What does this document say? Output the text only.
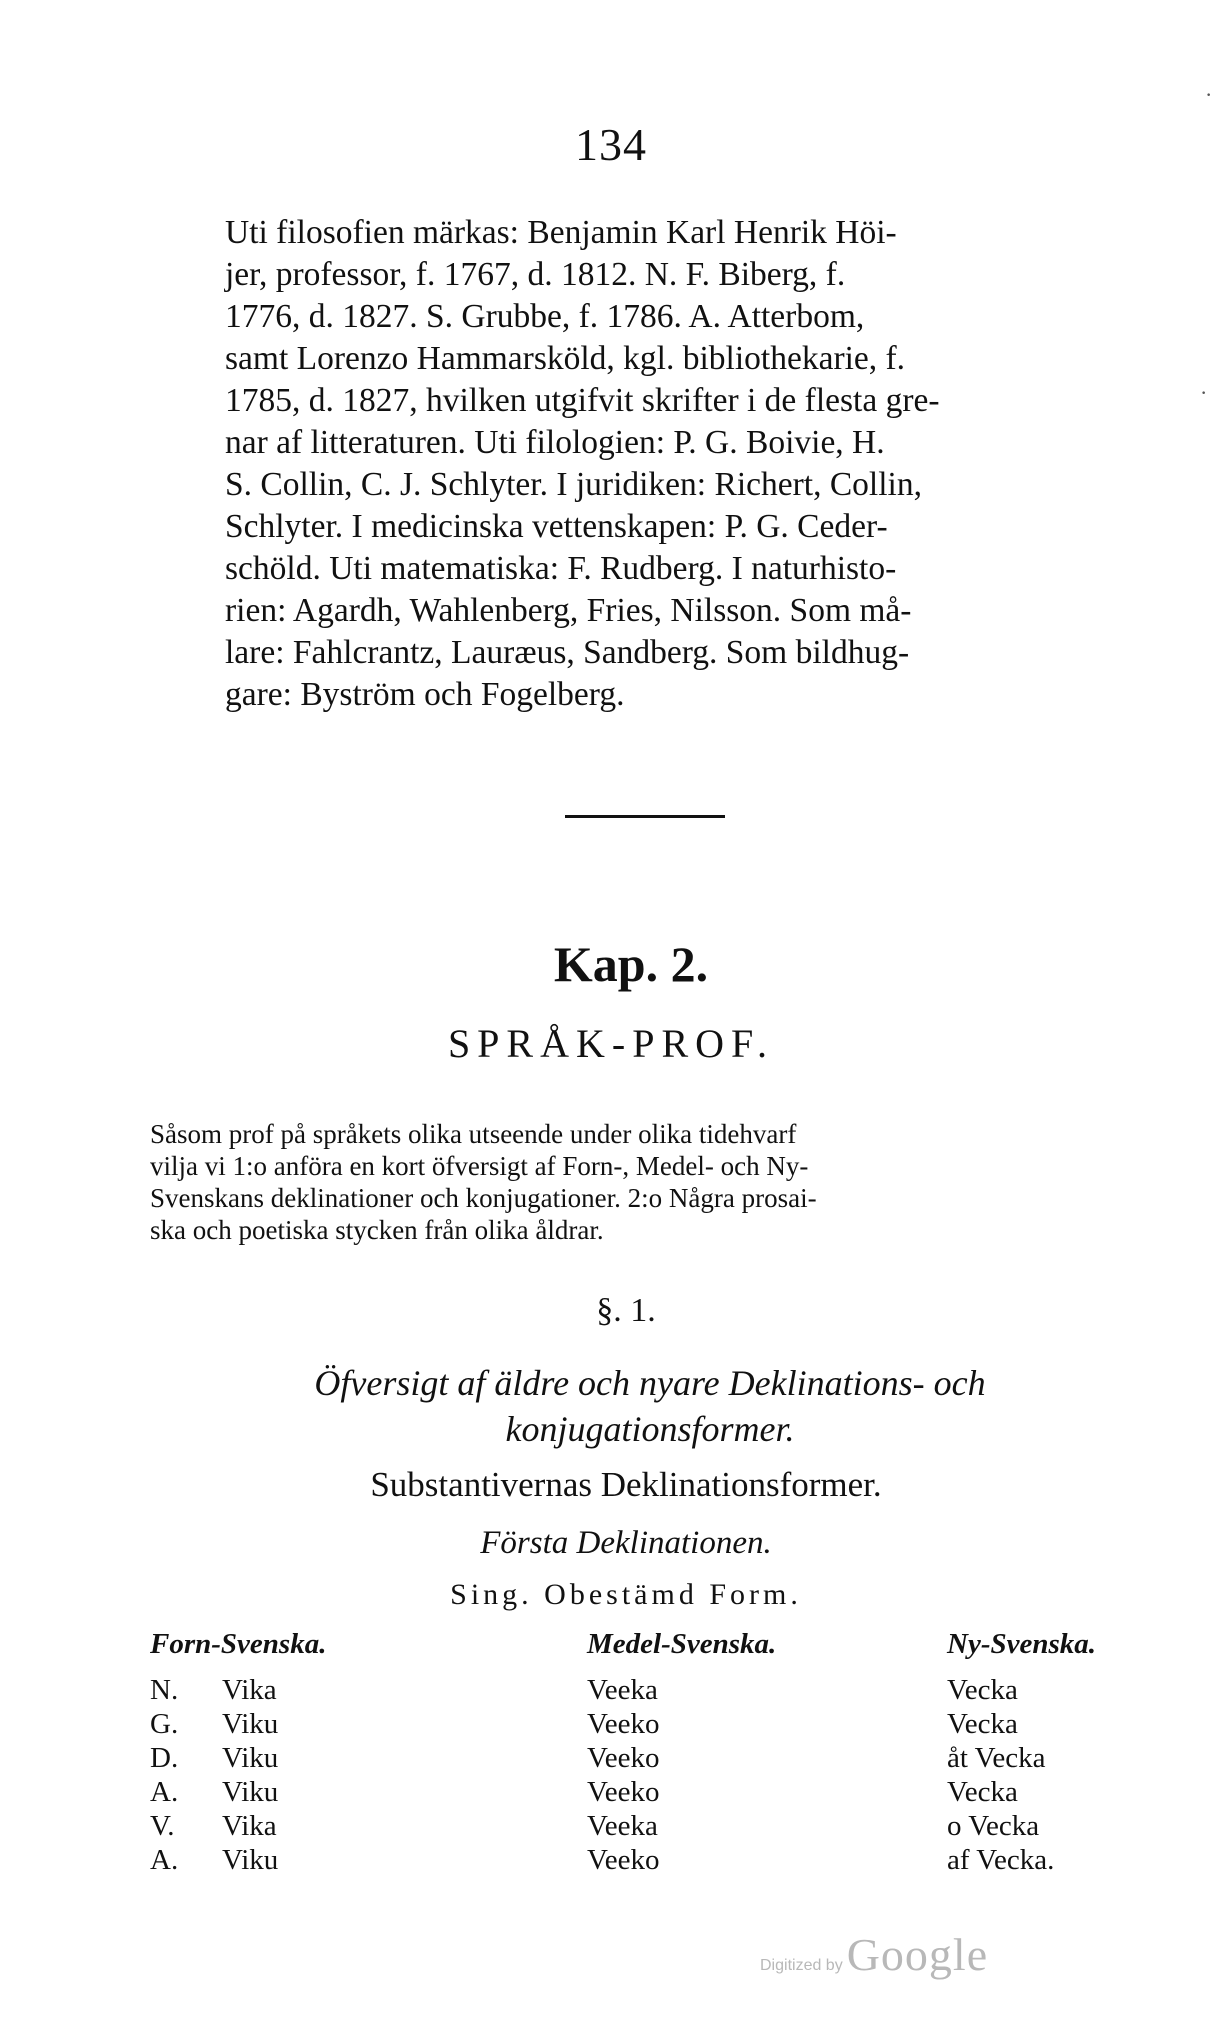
134

Uti filosofien märkas: Benjamin Karl Henrik Höi-

jer, professor, f. 1767, d. 1812. N. F. Biberg, f.

1776, d. 1827. S. Grubbe, f. 1786. A. Atterbom,

samt Lorenzo Hammarsköld, kgl. bibliothekarie, f.

1785, d. 1827, hvilken utgifvit skrifter i de flesta gre-

nar af litteraturen. Uti filologien: P. G. Boivie, H.

S. Collin, C. J. Schlyter. I juridiken: Richert, Collin,

Schlyter. I medicinska vettenskapen: P. G. Ceder-

schöld. Uti matematiska: F. Rudberg. I naturhisto-

rien: Agardh, Wahlenberg, Fries, Nilsson. Som må-

lare: Fahlcrantz, Lauræus, Sandberg. Som bildhug-

gare: Byström och Fogelberg.

Kap. 2.
SPRÅK-PROF.

Såsom prof på språkets olika utseende under olika tidehvarf

vilja vi 1:o anföra en kort öfversigt af Forn-, Medel- och Ny-

Svenskans deklinationer och konjugationer. 2:o Några prosai-

ska och poetiska stycken från olika åldrar.

§. 1.
Öfversigt af äldre och nyare Deklinations- och
konjugationsformer.
Substantivernas Deklinationsformer.
Första Deklinationen.
Sing. Obestämd Form.
Forn-Svenska.	Medel-Svenska.	Ny-Svenska.
N.	Vika	Veeka	Vecka
G.	Viku	Veeko	Vecka
D.	Viku	Veeko	åt Vecka
A.	Viku	Veeko	Vecka
V.	Vika	Veeka	o Vecka
A.	Viku	Veeko	af Vecka.
Digitized by Google
·
·
